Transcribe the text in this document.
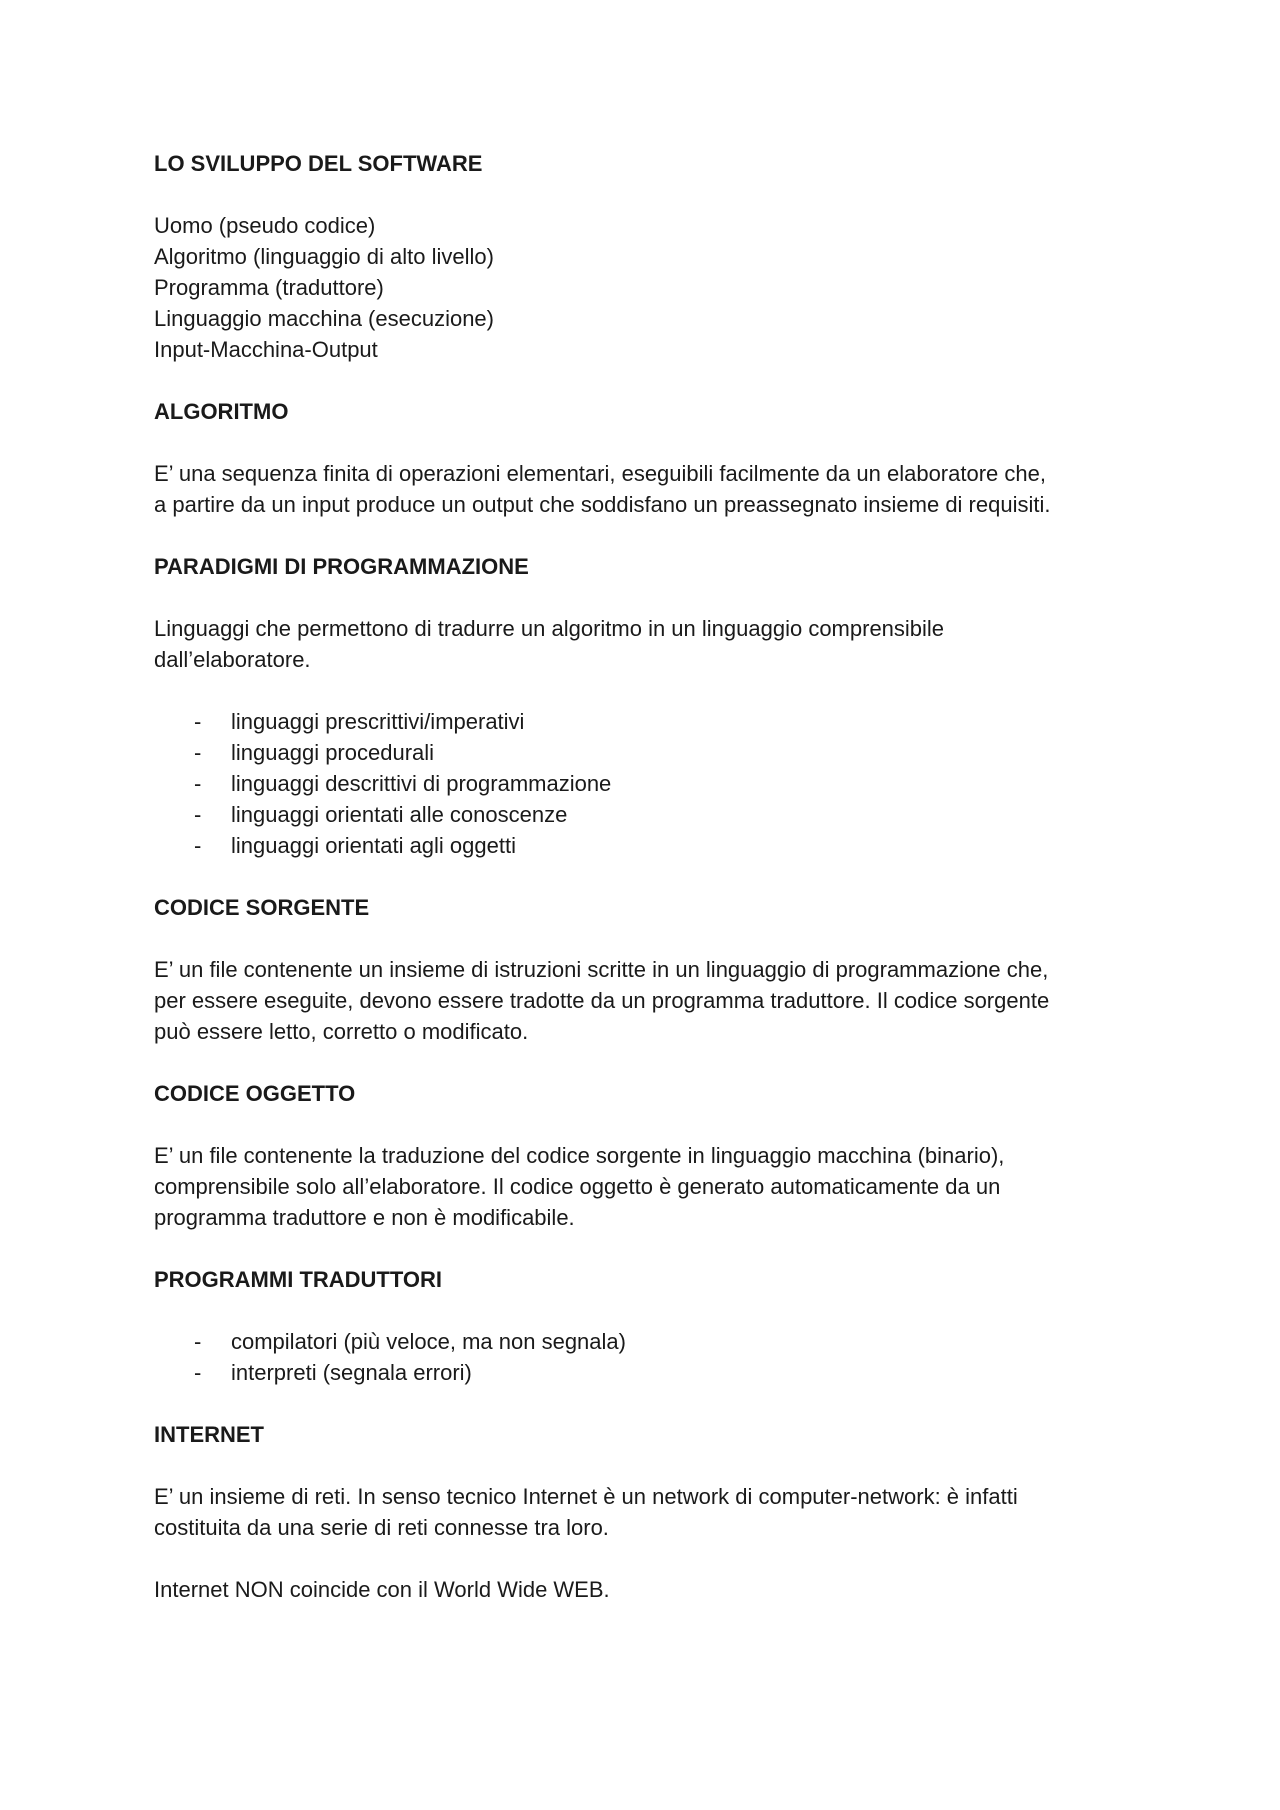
LO SVILUPPO DEL SOFTWARE

Uomo (pseudo codice)

Algoritmo (linguaggio di alto livello)

Programma (traduttore)

Linguaggio macchina (esecuzione)

Input-Macchina-Output

ALGORITMO

E’ una sequenza finita di operazioni elementari, eseguibili facilmente da un elaboratore che,

a partire da un input produce un output che soddisfano un preassegnato insieme di requisiti.

PARADIGMI DI PROGRAMMAZIONE

Linguaggi che permettono di tradurre un algoritmo in un linguaggio comprensibile

dall’elaboratore.

- linguaggi prescrittivi/imperativi
- linguaggi procedurali
- linguaggi descrittivi di programmazione
- linguaggi orientati alle conoscenze
- linguaggi orientati agli oggetti

CODICE SORGENTE

E’ un file contenente un insieme di istruzioni scritte in un linguaggio di programmazione che,

per essere eseguite, devono essere tradotte da un programma traduttore. Il codice sorgente

può essere letto, corretto o modificato.

CODICE OGGETTO

E’ un file contenente la traduzione del codice sorgente in linguaggio macchina (binario),

comprensibile solo all’elaboratore. Il codice oggetto è generato automaticamente da un

programma traduttore e non è modificabile.

PROGRAMMI TRADUTTORI

- compilatori (più veloce, ma non segnala)
- interpreti (segnala errori)

INTERNET

E’ un insieme di reti. In senso tecnico Internet è un network di computer-network: è infatti

costituita da una serie di reti connesse tra loro.

Internet NON coincide con il World Wide WEB.
